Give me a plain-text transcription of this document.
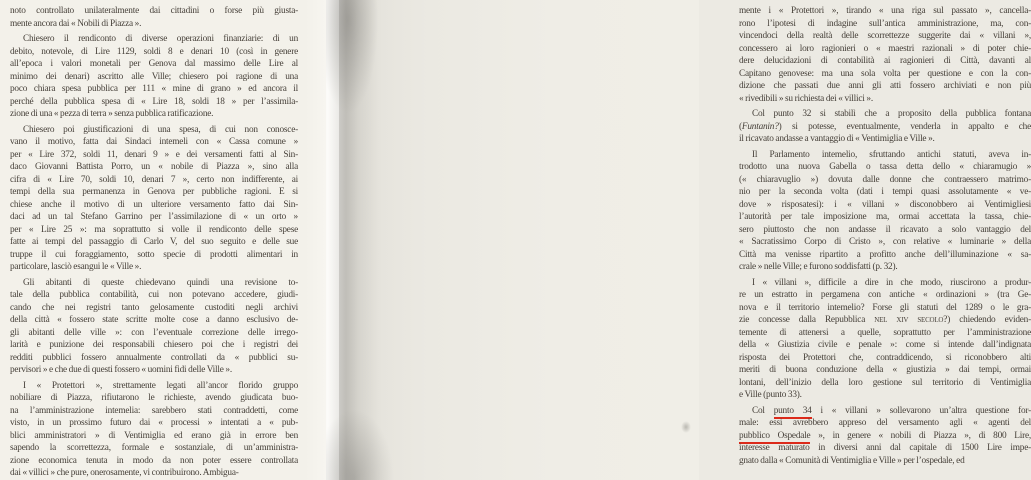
noto controllato unilateralmente dai cittadini o forse più giusta-
mente ancora dai « Nobili di Piazza ».
Chiesero il rendiconto di diverse operazioni finanziarie: di un
debito, notevole, di Lire 1129, soldi 8 e denari 10 (così in genere
all’epoca i valori monetali per Genova dal massimo delle Lire al
minimo dei denari) ascritto alle Ville; chiesero poi ragione di una
poco chiara spesa pubblica per 111 « mine di grano » ed ancora il
perché della pubblica spesa di « Lire 18, soldi 18 » per l’assimila-
zione di una « pezza di terra » senza pubblica ratificazione.
Chiesero poi giustificazioni di una spesa, di cui non conosce-
vano il motivo, fatta dai Sindaci intemeli con « Cassa comune »
per « Lire 372, soldi 11, denari 9 » e dei versamenti fatti al Sin-
daco Giovanni Battista Porro, un « nobile di Piazza », sino alla
cifra di « Lire 70, soldi 10, denari 7 », certo non indifferente, ai
tempi della sua permanenza in Genova per pubbliche ragioni. E si
chiese anche il motivo di un ulteriore versamento fatto dai Sin-
daci ad un tal Stefano Garrino per l’assimilazione di « un orto »
per « Lire 25 »: ma soprattutto si volle il rendiconto delle spese
fatte ai tempi del passaggio di Carlo V, del suo seguito e delle sue
truppe il cui foraggiamento, sotto specie di prodotti alimentari in
particolare, lasciò esangui le « Ville ».
Gli abitanti di queste chiedevano quindi una revisione to-
tale della pubblica contabilità, cui non potevano accedere, giudi-
cando che nei registri tanto gelosamente custoditi negli archivi
della città « fossero state scritte molte cose a danno esclusivo de-
gli abitanti delle ville »: con l’eventuale correzione delle irrego-
larità e punizione dei responsabili chiesero poi che i registri dei
redditi pubblici fossero annualmente controllati da « pubblici su-
pervisori » e che due di questi fossero « uomini fidi delle Ville ».
I « Protettori », strettamente legati all’ancor florido gruppo
nobiliare di Piazza, rifiutarono le richieste, avendo giudicata buo-
na l’amministrazione intemelia: sarebbero stati contraddetti, come
visto, in un prossimo futuro dai « processi » intentati a « pub-
blici amministratori » di Ventimiglia ed erano già in errore ben
sapendo la scorrettezza, formale e sostanziale, di un’amministra-
zione economica tenuta in modo da non poter essere controllata
dai « villici » che pure, onerosamente, vi contribuirono. Ambigua-
mente i « Protettori », tirando « una riga sul passato », cancella-
rono l’ipotesi di indagine sull’antica amministrazione, ma, con-
vincendoci della realtà delle scorrettezze suggerite dai « villani »,
concessero ai loro ragionieri o « maestri razionali » di poter chie-
dere delucidazioni di contabilità ai ragionieri di Città, davanti al
Capitano genovese: ma una sola volta per questione e con la con-
dizione che passati due anni gli atti fossero archiviati e non più
« rivedibili » su richiesta dei « villici ».
Col punto 32 si stabilì che a proposito della pubblica fontana
(Funtanin?) si potesse, eventualmente, venderla in appalto e che
il ricavato andasse a vantaggio di « Ventimiglia e Ville ».
Il Parlamento intemelio, sfruttando antichi statuti, aveva in-
trodotto una nuova Gabella o tassa detta dello « chiaramugio »
(« chiaravuglio ») dovuta dalle donne che contraessero matrimo-
nio per la seconda volta (dati i tempi quasi assolutamente « ve-
dove » risposatesi): i « villani » disconobbero ai Ventimigliesi
l’autorità per tale imposizione ma, ormai accettata la tassa, chie-
sero piuttosto che non andasse il ricavato a solo vantaggio del
« Sacratissimo Corpo di Cristo », con relative « luminarie » della
Città ma venisse ripartito a profitto anche dell’illuminazione « sa-
crale » nelle Ville; e furono soddisfatti (p. 32).
I « villani », difficile a dire in che modo, riuscirono a produr-
re un estratto in pergamena con antiche « ordinazioni » (tra Ge-
nova e il territorio intemelio? Forse gli statuti del 1289 o le gra-
zie concesse dalla Repubblica nel xiv secolo?) chiedendo eviden-
temente di attenersi a quelle, soprattutto per l’amministrazione
della « Giustizia civile e penale »: come si intende dall’indignata
risposta dei Protettori che, contraddicendo, si riconobbero alti
meriti di buona conduzione della « giustizia » dai tempi, ormai
lontani, dell’inizio della loro gestione sul territorio di Ventimiglia
e Ville (punto 33).
Col punto 34 i « villani » sollevarono un’altra questione for-
male: essi avrebbero appreso del versamento agli « agenti del
pubblico Ospedale », in genere « nobili di Piazza », di 800 Lire,
interesse maturato in diversi anni dal capitale di 1500 Lire impe-
gnato dalla « Comunità di Ventimiglia e Ville » per l’ospedale, ed
